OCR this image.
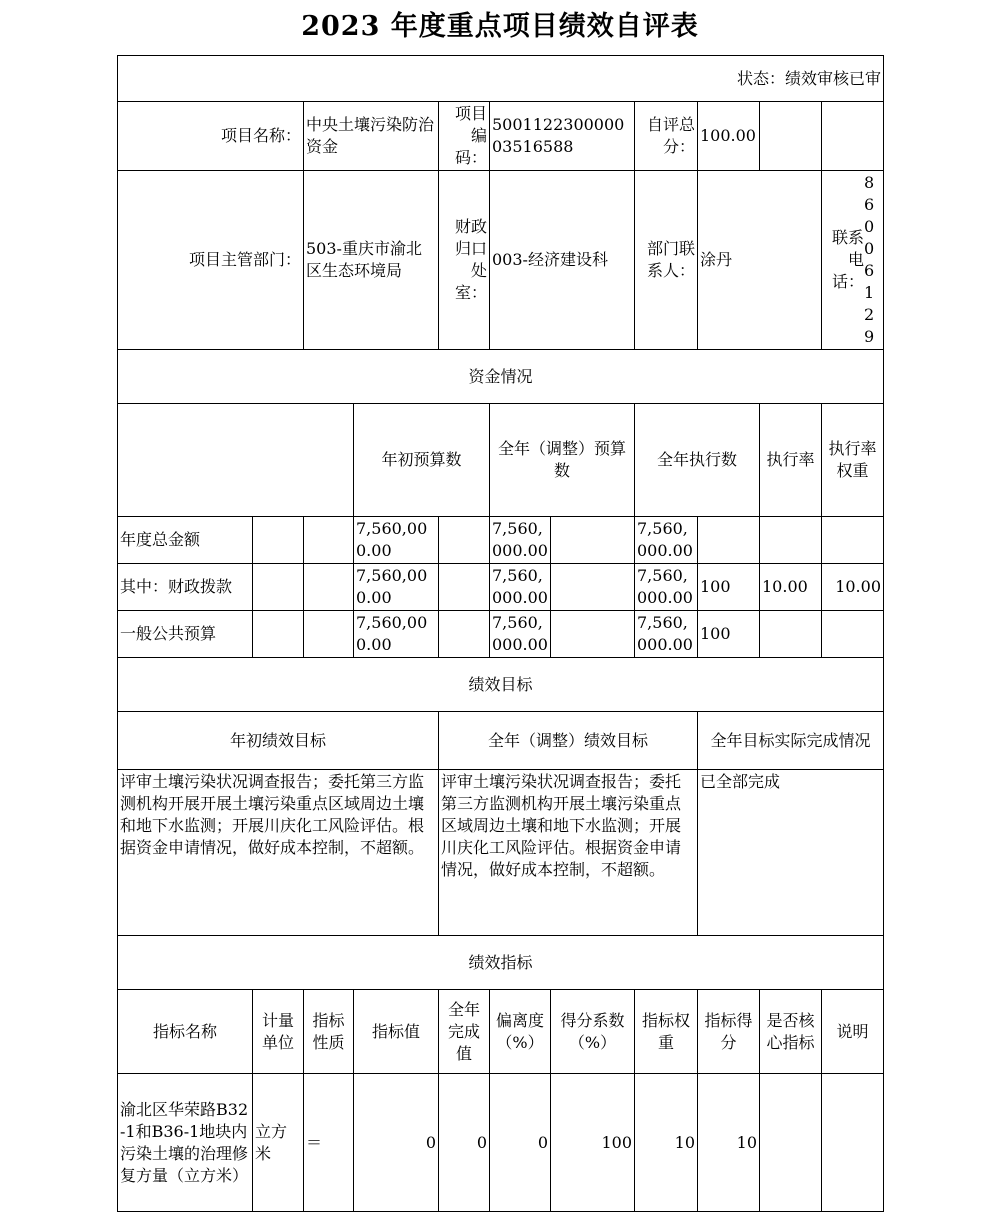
2023 年度重点项目绩效自评表
状态：绩效审核已审											
项目名称：		中央土壤污染防治资金		项目编码：	500112230000003516588		自评总分：	100.00			
项目主管部门：		503-重庆市渝北区生态环境局		财政归口处室：	003-经济建设科		部门联系人：	涂丹		联系电话：
86006129	

资金情况											
			年初预算数		全年（调整）预算数		全年执行数		执行率	执行率权重	
年度总金额			7,560,000.00		7,560,000.00		7,560,000.00				
其中：财政拨款			7,560,000.00		7,560,000.00		7,560,000.00	100	10.00	10.00	
一般公共预算			7,560,000.00		7,560,000.00		7,560,000.00	100			
绩效目标											
年初绩效目标				全年（调整）绩效目标				全年目标实际完成情况			
评审土壤污染状况调查报告；委托第三方监测机构开展开展土壤污染重点区域周边土壤和地下水监测；开展川庆化工风险评估。根据资金申请情况，做好成本控制，不超额。				评审土壤污染状况调查报告；委托第三方监测机构开展土壤污染重点区域周边土壤和地下水监测；开展川庆化工风险评估。根据资金申请情况，做好成本控制，不超额。				已全部完成			
绩效指标											
指标名称	计量单位	指标性质	指标值	全年完成值	偏离度（%）	得分系数（%）	指标权重	指标得分	是否核心指标	说明	
渝北区华荣路B32-1和B36-1地块内污染土壤的治理修复方量（立方米）	立方米	＝	0	0	0	100	10	10			
